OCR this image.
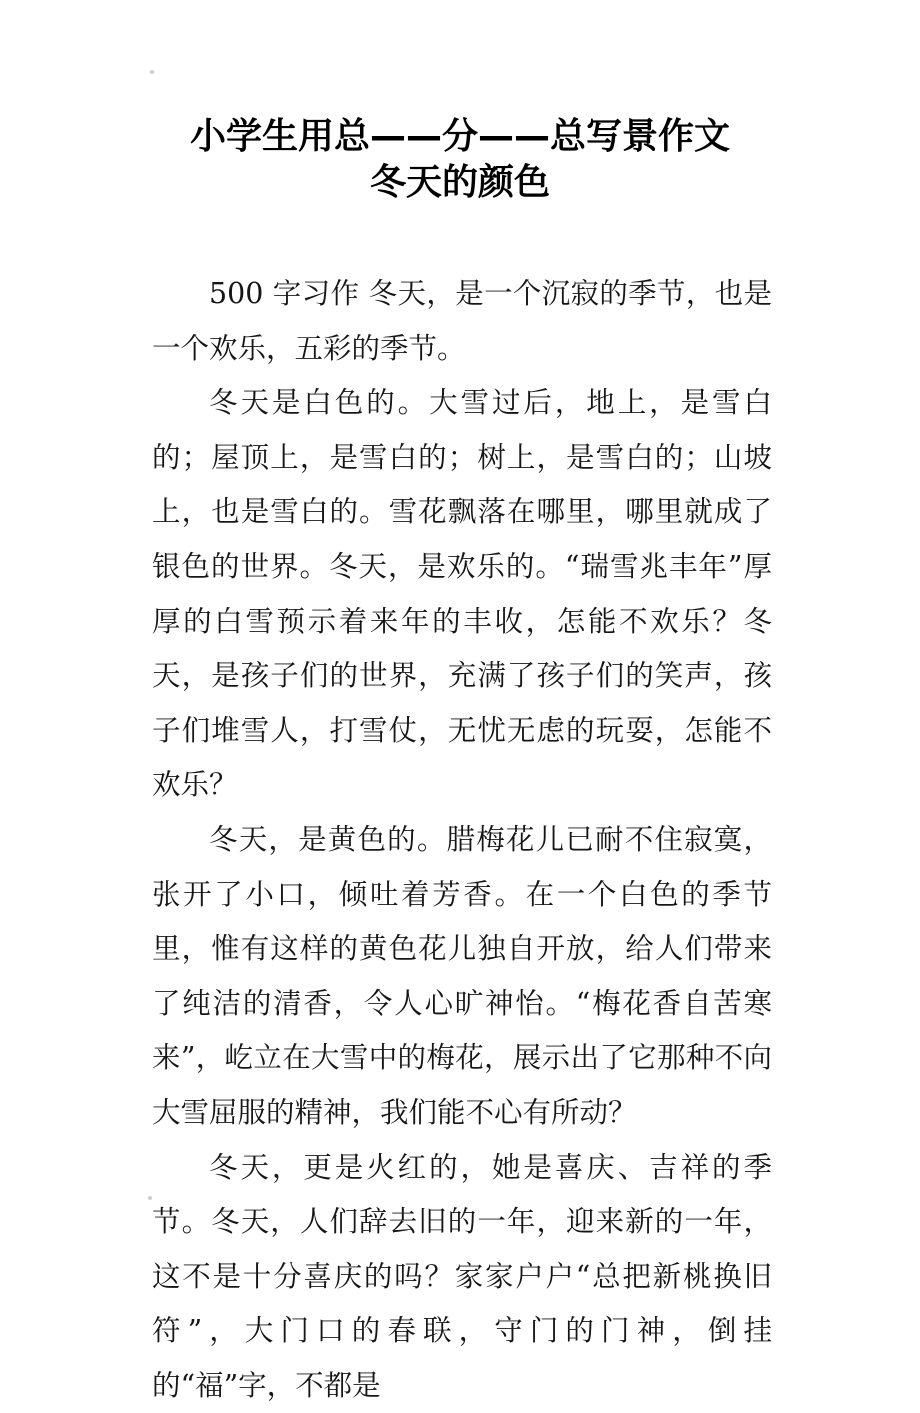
小学生用总——分——总写景作文
冬天的颜色

500 字习作 冬天，是一个沉寂的季节，也是一个欢乐，五彩的季节。

冬天是白色的。大雪过后，地上，是雪白的；屋顶上，是雪白的；树上，是雪白的；山坡上，也是雪白的。雪花飘落在哪里，哪里就成了银色的世界。冬天，是欢乐的。“瑞雪兆丰年”厚厚的白雪预示着来年的丰收，怎能不欢乐？冬天，是孩子们的世界，充满了孩子们的笑声，孩子们堆雪人，打雪仗，无忧无虑的玩耍，怎能不欢乐？

冬天，是黄色的。腊梅花儿已耐不住寂寞，张开了小口，倾吐着芳香。在一个白色的季节里，惟有这样的黄色花儿独自开放，给人们带来了纯洁的清香，令人心旷神怡。“梅花香自苦寒来”，屹立在大雪中的梅花，展示出了它那种不向大雪屈服的精神，我们能不心有所动？

冬天，更是火红的，她是喜庆、吉祥的季节。冬天，人们辞去旧的一年，迎来新的一年，这不是十分喜庆的吗？家家户户“总把新桃换旧符”，大门口的春联，守门的门神，倒挂的“福”字，不都是
